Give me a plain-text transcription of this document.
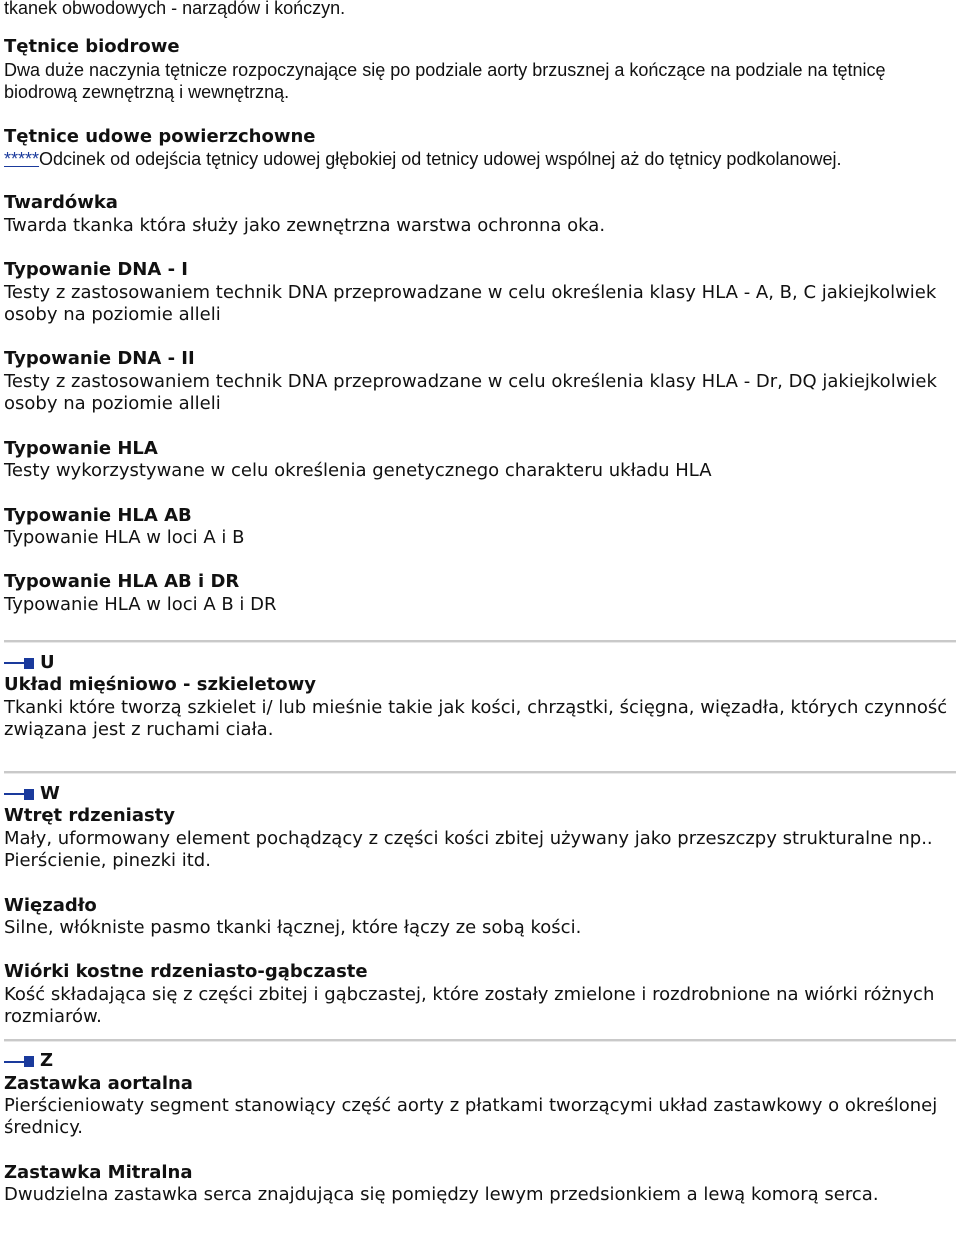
tkanek obwodowych - narządów i kończyn.
Tętnice biodrowe
Dwa duże naczynia tętnicze rozpoczynające się po podziale aorty brzusznej a kończące na podziale na tętnicę biodrową zewnętrzną i wewnętrzną.
Tętnice udowe powierzchowne
*****Odcinek od odejścia tętnicy udowej głębokiej od tetnicy udowej wspólnej aż do tętnicy podkolanowej.
Twardówka
Twarda tkanka która służy jako zewnętrzna warstwa ochronna oka.
Typowanie DNA - I
Testy z zastosowaniem technik DNA przeprowadzane w celu określenia klasy HLA - A, B, C jakiejkolwiek osoby na poziomie alleli
Typowanie DNA - II
Testy z zastosowaniem technik DNA przeprowadzane w celu określenia klasy HLA - Dr, DQ jakiejkolwiek osoby na poziomie alleli
Typowanie HLA
Testy wykorzystywane w celu określenia genetycznego charakteru układu HLA
Typowanie HLA AB
Typowanie HLA w loci A i B
Typowanie HLA AB i DR
Typowanie HLA w loci A B i DR
U
Układ mięśniowo - szkieletowy
Tkanki które tworzą szkielet i/ lub mieśnie takie jak kości, chrząstki, ścięgna, więzadła, których czynność związana jest z ruchami ciała.
W
Wtręt rdzeniasty
Mały, uformowany element pochądzący z części kości zbitej używany jako przeszczpy strukturalne np.. Pierścienie, pinezki itd.
Więzadło
Silne, włókniste pasmo tkanki łącznej, które łączy ze sobą kości.
Wiórki kostne rdzeniasto-gąbczaste
Kość składająca się z części zbitej i gąbczastej, które zostały zmielone i rozdrobnione na wiórki różnych rozmiarów.
Z
Zastawka aortalna
Pierścieniowaty segment stanowiący część aorty z płatkami tworzącymi układ zastawkowy o określonej średnicy.
Zastawka Mitralna
Dwudzielna zastawka serca znajdująca się pomiędzy lewym przedsionkiem a lewą komorą serca.
